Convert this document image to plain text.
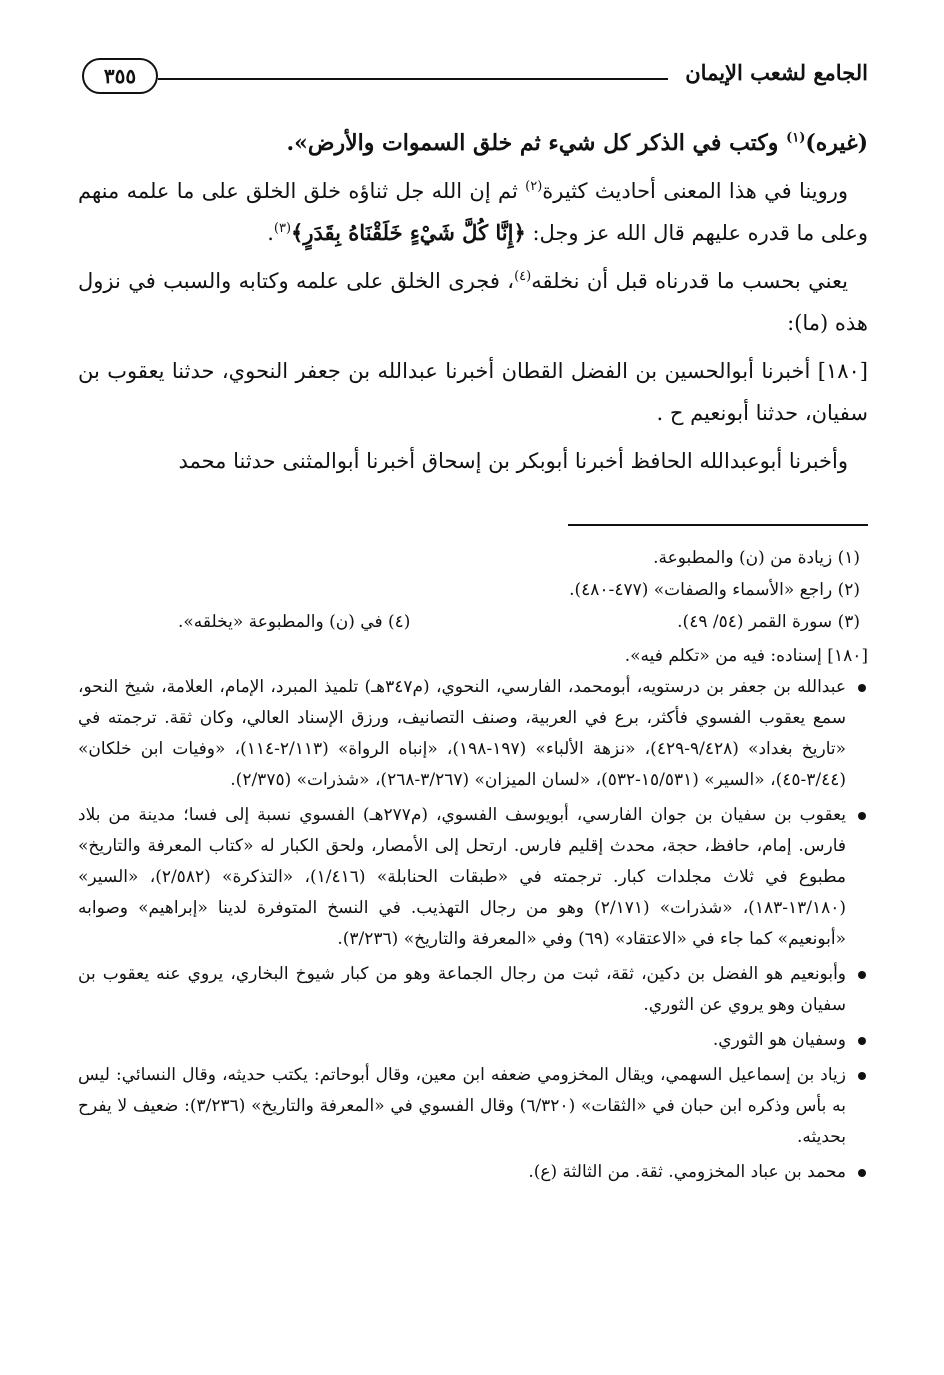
الجامع لشعب الإيمان
٣٥٥

(غيره)$^{(١)}$ وكتب في الذكر كل شيء ثم خلق السموات والأرض».

وروينا في هذا المعنى أحاديث كثيرة$^{(٢)}$ ثم إن الله جل ثناؤه خلق الخلق على ما علمه منهم وعلى ما قدره عليهم قال الله عز وجل: ﴿إِنَّا كُلَّ شَيْءٍ خَلَقْنَاهُ بِقَدَرٍ﴾$^{(٣)}$.

يعني بحسب ما قدرناه قبل أن نخلقه$^{(٤)}$، فجرى الخلق على علمه وكتابه والسبب في نزول هذه (ما):

[١٨٠] أخبرنا أبوالحسين بن الفضل القطان أخبرنا عبدالله بن جعفر النحوي، حدثنا يعقوب بن سفيان، حدثنا أبونعيم ح .

وأخبرنا أبوعبدالله الحافظ أخبرنا أبوبكر بن إسحاق أخبرنا أبوالمثنى حدثنا محمد

(١) زيادة من (ن) والمطبوعة.

(٢) راجع «الأسماء والصفات» (٤٧٧-٤٨٠).

(٣) سورة القمر (٥٤/ ٤٩).
(٤) في (ن) والمطبوعة «يخلقه».

[١٨٠] إسناده: فيه من «تكلم فيه».

عبدالله بن جعفر بن درستويه، أبومحمد، الفارسي، النحوي، (م٣٤٧هـ) تلميذ المبرد، الإمام، العلامة، شيخ النحو، سمع يعقوب الفسوي فأكثر، برع في العربية، وصنف التصانيف، ورزق الإسناد العالي، وكان ثقة. ترجمته في «تاريخ بغداد» (٩/٤٢٨-٤٢٩)، «نزهة الألباء» (١٩٧-١٩٨)، «إنباه الرواة» (٢/١١٣-١١٤)، «وفيات ابن خلكان» (٣/٤٤-٤٥)، «السير» (١٥/٥٣١-٥٣٢)، «لسان الميزان» (٣/٢٦٧-٢٦٨)، «شذرات» (٢/٣٧٥).
يعقوب بن سفيان بن جوان الفارسي، أبويوسف الفسوي، (م٢٧٧هـ) الفسوي نسبة إلى فسا؛ مدينة من بلاد فارس. إمام، حافظ، حجة، محدث إقليم فارس. ارتحل إلى الأمصار، ولحق الكبار له «كتاب المعرفة والتاريخ» مطبوع في ثلاث مجلدات كبار. ترجمته في «طبقات الحنابلة» (١/٤١٦)، «التذكرة» (٢/٥٨٢)، «السير» (١٣/١٨٠-١٨٣)، «شذرات» (٢/١٧١) وهو من رجال التهذيب. في النسخ المتوفرة لدينا «إبراهيم» وصوابه «أبونعيم» كما جاء في «الاعتقاد» (٦٩) وفي «المعرفة والتاريخ» (٣/٢٣٦).
وأبونعيم هو الفضل بن دكين، ثقة، ثبت من رجال الجماعة وهو من كبار شيوخ البخاري، يروي عنه يعقوب بن سفيان وهو يروي عن الثوري.
وسفيان هو الثوري.
زياد بن إسماعيل السهمي، ويقال المخزومي ضعفه ابن معين، وقال أبوحاتم: يكتب حديثه، وقال النسائي: ليس به بأس وذكره ابن حبان في «الثقات» (٦/٣٢٠) وقال الفسوي في «المعرفة والتاريخ» (٣/٢٣٦): ضعيف لا يفرح بحديثه.
محمد بن عباد المخزومي. ثقة. من الثالثة (ع).
